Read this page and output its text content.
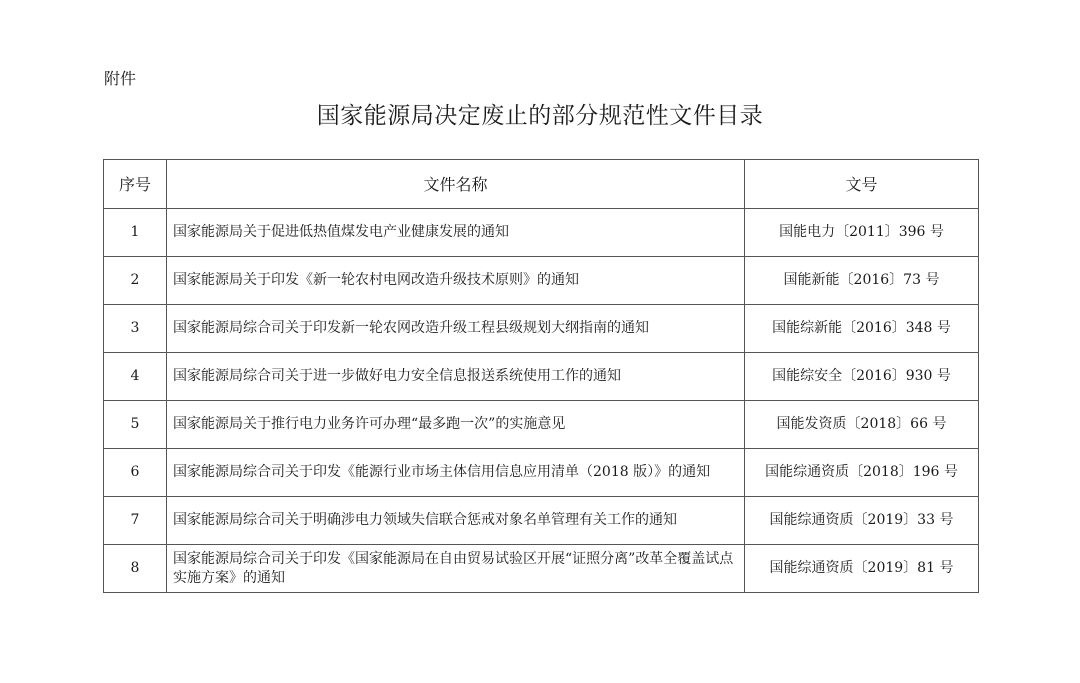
附件
国家能源局决定废止的部分规范性文件目录
序号	文件名称	文号
1	国家能源局关于促进低热值煤发电产业健康发展的通知	国能电力〔2011〕396 号
2	国家能源局关于印发《新一轮农村电网改造升级技术原则》的通知	国能新能〔2016〕73 号
3	国家能源局综合司关于印发新一轮农网改造升级工程县级规划大纲指南的通知	国能综新能〔2016〕348 号
4	国家能源局综合司关于进一步做好电力安全信息报送系统使用工作的通知	国能综安全〔2016〕930 号
5	国家能源局关于推行电力业务许可办理“最多跑一次”的实施意见	国能发资质〔2018〕66 号
6	国家能源局综合司关于印发《能源行业市场主体信用信息应用清单（2018 版）》的通知	国能综通资质〔2018〕196 号
7	国家能源局综合司关于明确涉电力领域失信联合惩戒对象名单管理有关工作的通知	国能综通资质〔2019〕33 号
8	国家能源局综合司关于印发《国家能源局在自由贸易试验区开展“证照分离”改革全覆盖试点实施方案》的通知	国能综通资质〔2019〕81 号
